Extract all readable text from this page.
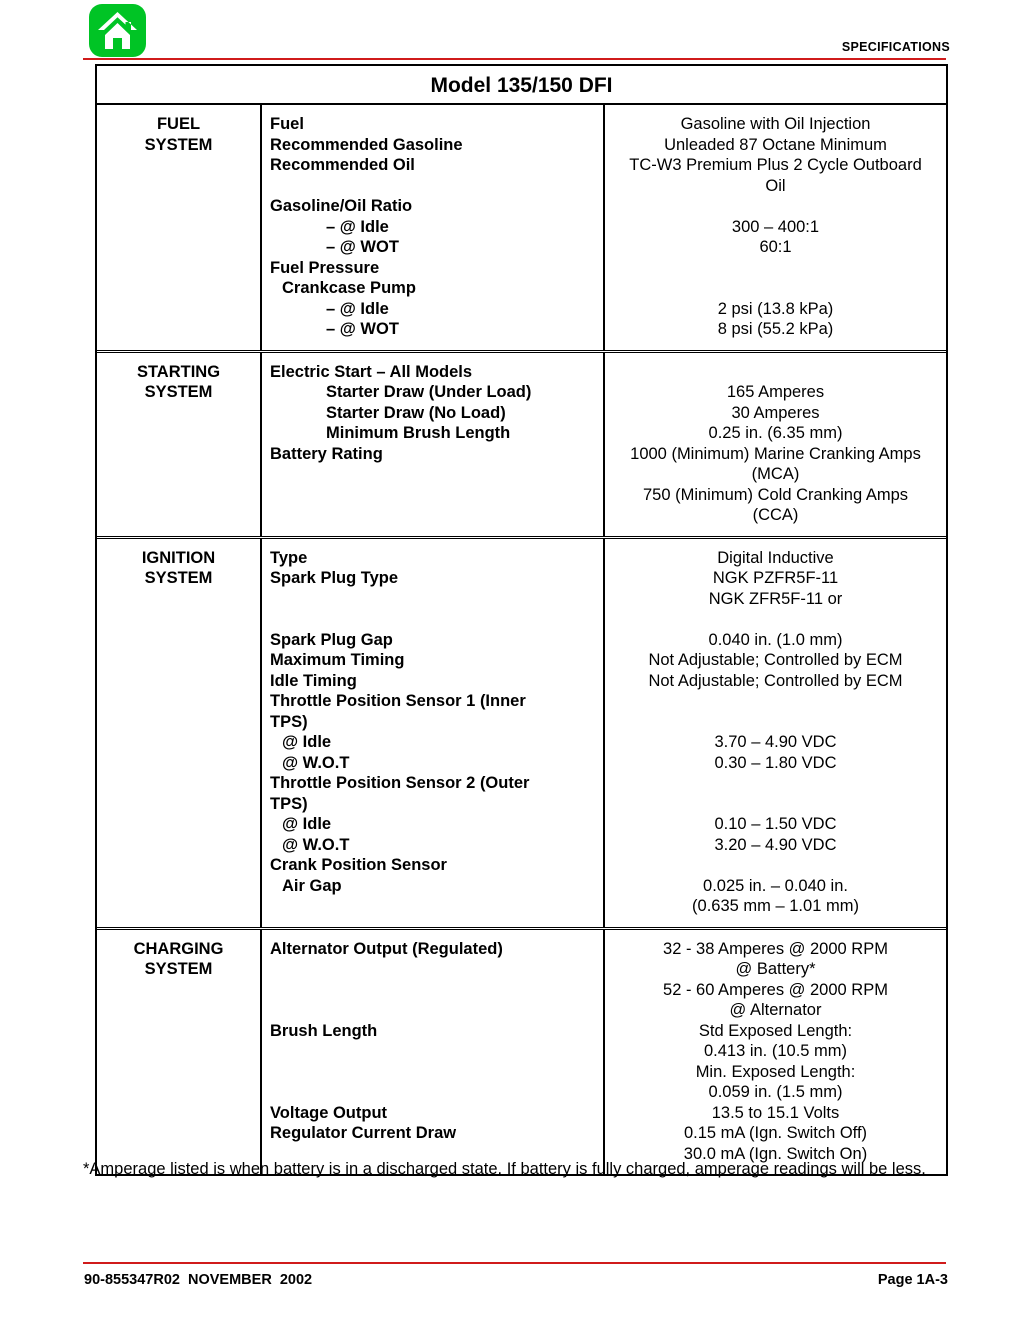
SPECIFICATIONS
Model 135/150 DFI
FUEL
SYSTEM
Fuel
Recommended Gasoline
Recommended Oil
Gasoline/Oil Ratio
– @ Idle
– @ WOT
Fuel Pressure
Crankcase Pump
– @ Idle
– @ WOT
Gasoline with Oil Injection
Unleaded 87 Octane Minimum
TC-W3 Premium Plus 2 Cycle Outboard
Oil
300 – 400:1
60:1
2 psi (13.8 kPa)
8 psi (55.2 kPa)
STARTING
SYSTEM
Electric Start – All Models
Starter Draw (Under Load)
Starter Draw (No Load)
Minimum Brush Length
Battery Rating
165 Amperes
30 Amperes
0.25 in. (6.35 mm)
1000 (Minimum) Marine Cranking Amps
(MCA)
750 (Minimum) Cold Cranking Amps
(CCA)
IGNITION
SYSTEM
Type
Spark Plug Type
Spark Plug Gap
Maximum Timing
Idle Timing
Throttle Position Sensor 1 (Inner
TPS)
@ Idle
@ W.O.T
Throttle Position Sensor 2 (Outer
TPS)
@ Idle
@ W.O.T
Crank Position Sensor
Air Gap
Digital Inductive
NGK PZFR5F-11
NGK ZFR5F-11 or
0.040 in. (1.0 mm)
Not Adjustable; Controlled by ECM
Not Adjustable; Controlled by ECM
3.70 – 4.90 VDC
0.30 – 1.80 VDC
0.10 – 1.50 VDC
3.20 – 4.90 VDC
0.025 in. – 0.040 in.
(0.635 mm – 1.01 mm)
CHARGING
SYSTEM
Alternator Output (Regulated)
Brush Length
Voltage Output
Regulator Current Draw
32 - 38 Amperes @ 2000 RPM
@ Battery*
52 - 60 Amperes @ 2000 RPM
@ Alternator
Std Exposed Length:
0.413 in. (10.5 mm)
Min. Exposed Length:
0.059 in. (1.5 mm)
13.5 to 15.1 Volts
0.15 mA (Ign. Switch Off)
30.0 mA (Ign. Switch On)
*Amperage listed is when battery is in a discharged state. If battery is fully charged, amperage readings will be less.
90-855347R02  NOVEMBER  2002	Page 1A-3
